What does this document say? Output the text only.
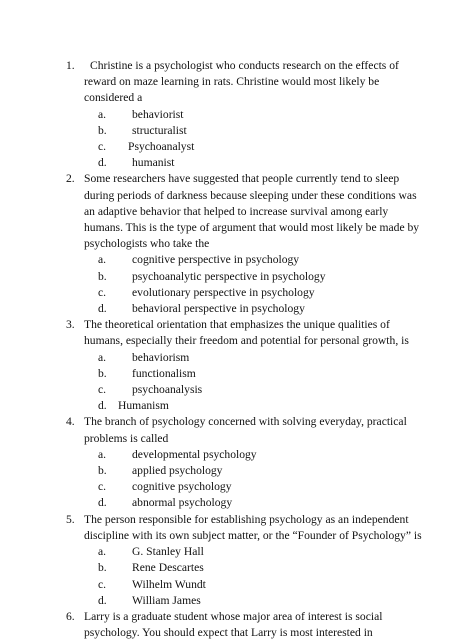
1.	Christine is a psychologist who conducts research on the effects of reward on maze learning in rats. Christine would most likely be considered a
a. behaviorist
b. structuralist
c. Psychoanalyst
d. humanist
2. Some researchers have suggested that people currently tend to sleep during periods of darkness because sleeping under these conditions was an adaptive behavior that helped to increase survival among early humans. This is the type of argument that would most likely be made by psychologists who take the
a. cognitive perspective in psychology
b. psychoanalytic perspective in psychology
c. evolutionary perspective in psychology
d. behavioral perspective in psychology
3. The theoretical orientation that emphasizes the unique qualities of humans, especially their freedom and potential for personal growth, is
a. behaviorism
b. functionalism
c. psychoanalysis
d. Humanism
4. The branch of psychology concerned with solving everyday, practical problems is called
a. developmental psychology
b. applied psychology
c. cognitive psychology
d. abnormal psychology
5. The person responsible for establishing psychology as an independent discipline with its own subject matter, or the “Founder of Psychology” is
a. G. Stanley Hall
b. Rene Descartes
c. Wilhelm Wundt
d. William James
6. Larry is a graduate student whose major area of interest is social psychology. You should expect that Larry is most interested in
